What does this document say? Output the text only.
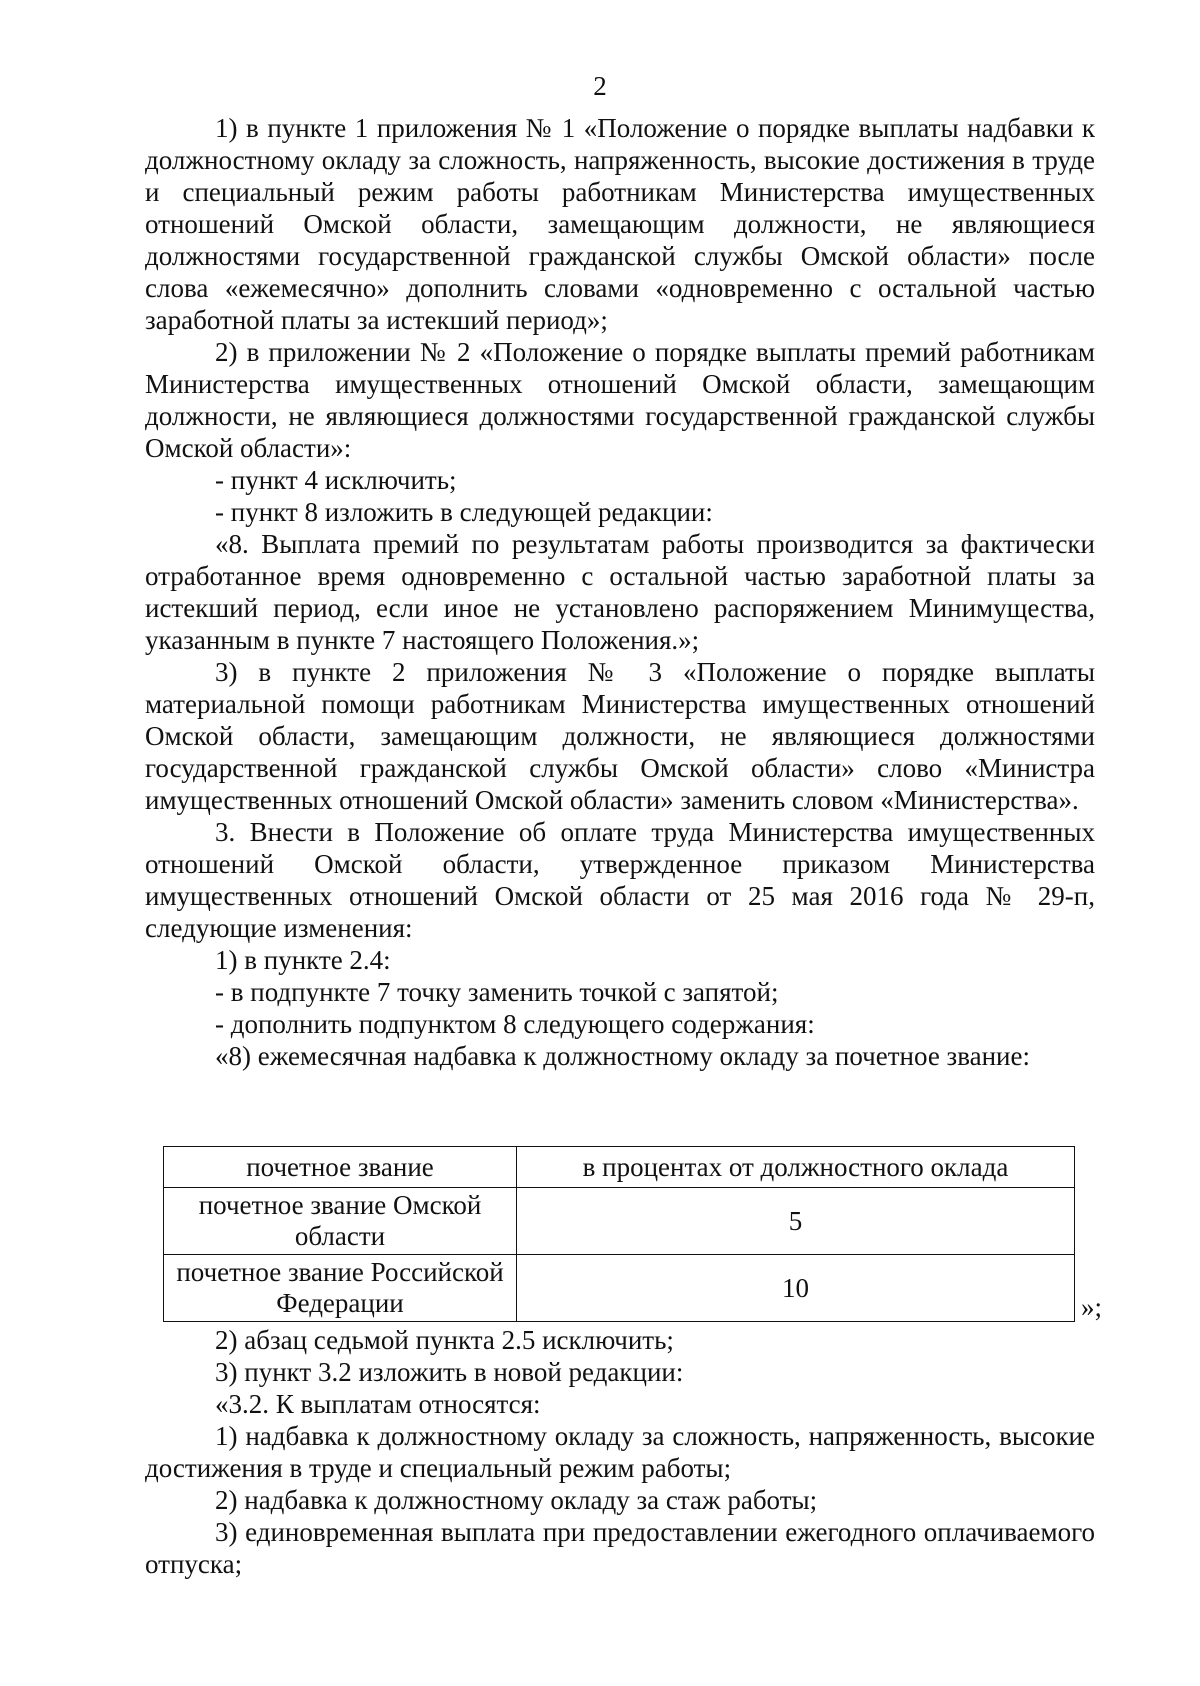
2

1) в пункте 1 приложения № 1 «Положение о порядке выплаты надбавки к должностному окладу за сложность, напряженность, высокие достижения в труде и специальный режим работы работникам Министерства имущественных отношений Омской области, замещающим должности, не являющиеся должностями государственной гражданской службы Омской области» после слова «ежемесячно» дополнить словами «одновременно с остальной частью заработной платы за истекший период»;

2) в приложении № 2 «Положение о порядке выплаты премий работникам Министерства имущественных отношений Омской области, замещающим должности, не являющиеся должностями государственной гражданской службы Омской области»:

- пункт 4 исключить;

- пункт 8 изложить в следующей редакции:

«8. Выплата премий по результатам работы производится за фактически отработанное время одновременно с остальной частью заработной платы за истекший период, если иное не установлено распоряжением Минимущества, указанным в пункте 7 настоящего Положения.»;

3) в пункте 2 приложения № 3 «Положение о порядке выплаты материальной помощи работникам Министерства имущественных отношений Омской области, замещающим должности, не являющиеся должностями государственной гражданской службы Омской области» слово «Министра имущественных отношений Омской области» заменить словом «Министерства».

3. Внести в Положение об оплате труда Министерства имущественных отношений Омской области, утвержденное приказом Министерства имущественных отношений Омской области от 25 мая 2016 года № 29-п, следующие изменения:

1) в пункте 2.4:

- в подпункте 7 точку заменить точкой с запятой;

- дополнить подпунктом 8 следующего содержания:

«8) ежемесячная надбавка к должностному окладу за почетное звание:

почетное звание	в процентах от должностного оклада
почетное звание Омской области	5
почетное звание Российской Федерации	10
»;

2) абзац седьмой пункта 2.5 исключить;

3) пункт 3.2 изложить в новой редакции:

«3.2. К выплатам относятся:

1) надбавка к должностному окладу за сложность, напряженность, высокие достижения в труде и специальный режим работы;

2) надбавка к должностному окладу за стаж работы;

3) единовременная выплата при предоставлении ежегодного оплачиваемого отпуска;
